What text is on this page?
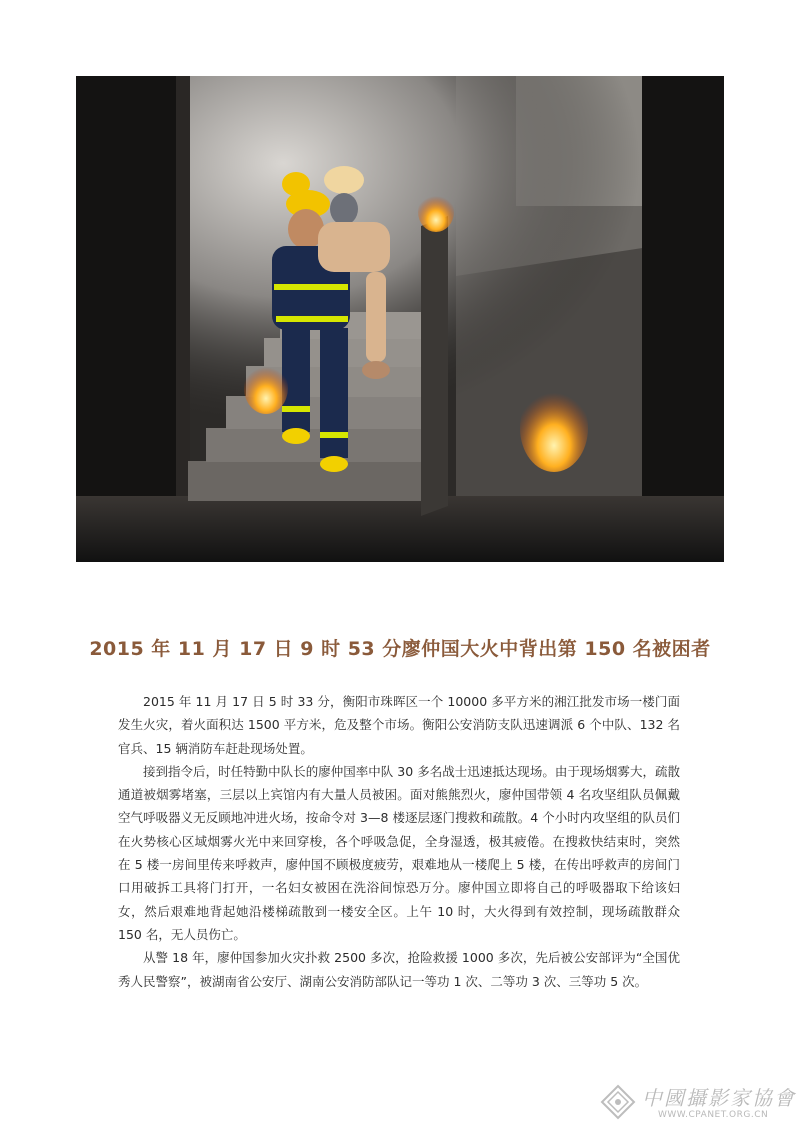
2015 年 11 月 17 日 9 时 53 分廖仲国大火中背出第 150 名被困者

2015 年 11 月 17 日 5 时 33 分，衡阳市珠晖区一个 10000 多平方米的湘江批发市场一楼门面发生火灾，着火面积达 1500 平方米，危及整个市场。衡阳公安消防支队迅速调派 6 个中队、132 名官兵、15 辆消防车赶赴现场处置。

接到指令后，时任特勤中队长的廖仲国率中队 30 多名战士迅速抵达现场。由于现场烟雾大，疏散通道被烟雾堵塞，三层以上宾馆内有大量人员被困。面对熊熊烈火，廖仲国带领 4 名攻坚组队员佩戴空气呼吸器义无反顾地冲进火场，按命令对 3—8 楼逐层逐门搜救和疏散。4 个小时内攻坚组的队员们在火势核心区域烟雾火光中来回穿梭，各个呼吸急促，全身湿透，极其疲倦。在搜救快结束时，突然在 5 楼一房间里传来呼救声，廖仲国不顾极度疲劳，艰难地从一楼爬上 5 楼，在传出呼救声的房间门口用破拆工具将门打开，一名妇女被困在洗浴间惊恐万分。廖仲国立即将自己的呼吸器取下给该妇女，然后艰难地背起她沿楼梯疏散到一楼安全区。上午 10 时，大火得到有效控制，现场疏散群众 150 名，无人员伤亡。

从警 18 年，廖仲国参加火灾扑救 2500 多次，抢险救援 1000 多次，先后被公安部评为“全国优秀人民警察”，被湖南省公安厅、湖南公安消防部队记一等功 1 次、二等功 3 次、三等功 5 次。

中國攝影家協會
WWW.CPANET.ORG.CN
